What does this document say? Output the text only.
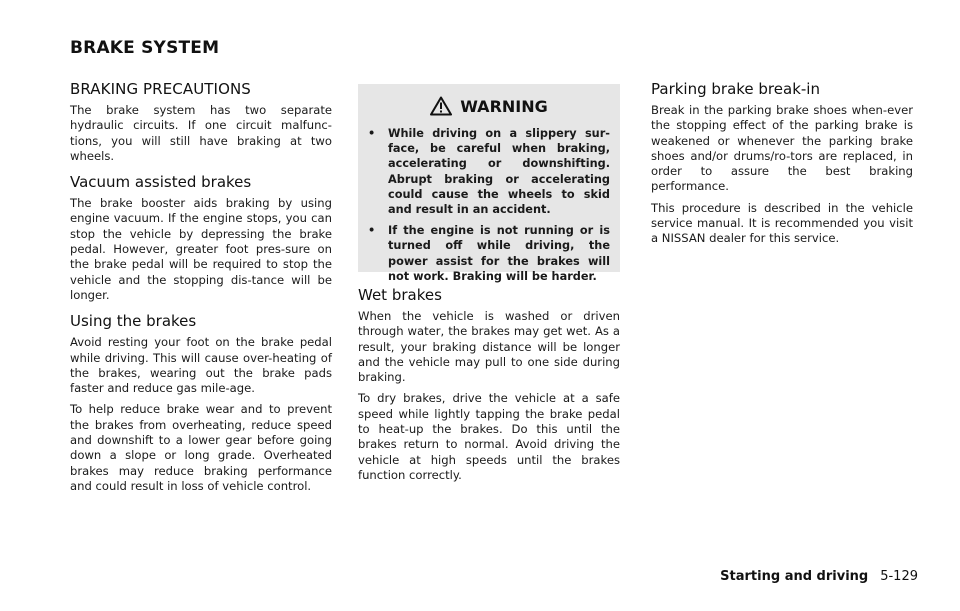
BRAKE SYSTEM
BRAKING PRECAUTIONS

The brake system has two separate hydraulic circuits. If one circuit malfunc-tions, you will still have braking at two wheels.

Vacuum assisted brakes

The brake booster aids braking by using engine vacuum. If the engine stops, you can stop the vehicle by depressing the brake pedal. However, greater foot pres-sure on the brake pedal will be required to stop the vehicle and the stopping dis-tance will be longer.

Using the brakes

Avoid resting your foot on the brake pedal while driving. This will cause over-heating of the brakes, wearing out the brake pads faster and reduce gas mile-age.

To help reduce brake wear and to prevent the brakes from overheating, reduce speed and downshift to a lower gear before going down a slope or long grade. Overheated brakes may reduce braking performance and could result in loss of vehicle control.

WARNING
• While driving on a slippery sur-face, be careful when braking, accelerating or downshifting. Abrupt braking or accelerating could cause the wheels to skid and result in an accident.
• If the engine is not running or is turned off while driving, the power assist for the brakes will not work. Braking will be harder.
Wet brakes

When the vehicle is washed or driven through water, the brakes may get wet. As a result, your braking distance will be longer and the vehicle may pull to one side during braking.

To dry brakes, drive the vehicle at a safe speed while lightly tapping the brake pedal to heat-up the brakes. Do this until the brakes return to normal. Avoid driving the vehicle at high speeds until the brakes function correctly.

Parking brake break-in

Break in the parking brake shoes when-ever the stopping effect of the parking brake is weakened or whenever the parking brake shoes and/or drums/ro-tors are replaced, in order to assure the best braking performance.

This procedure is described in the vehicle service manual. It is recommended you visit a NISSAN dealer for this service.

Starting and driving 5-129
